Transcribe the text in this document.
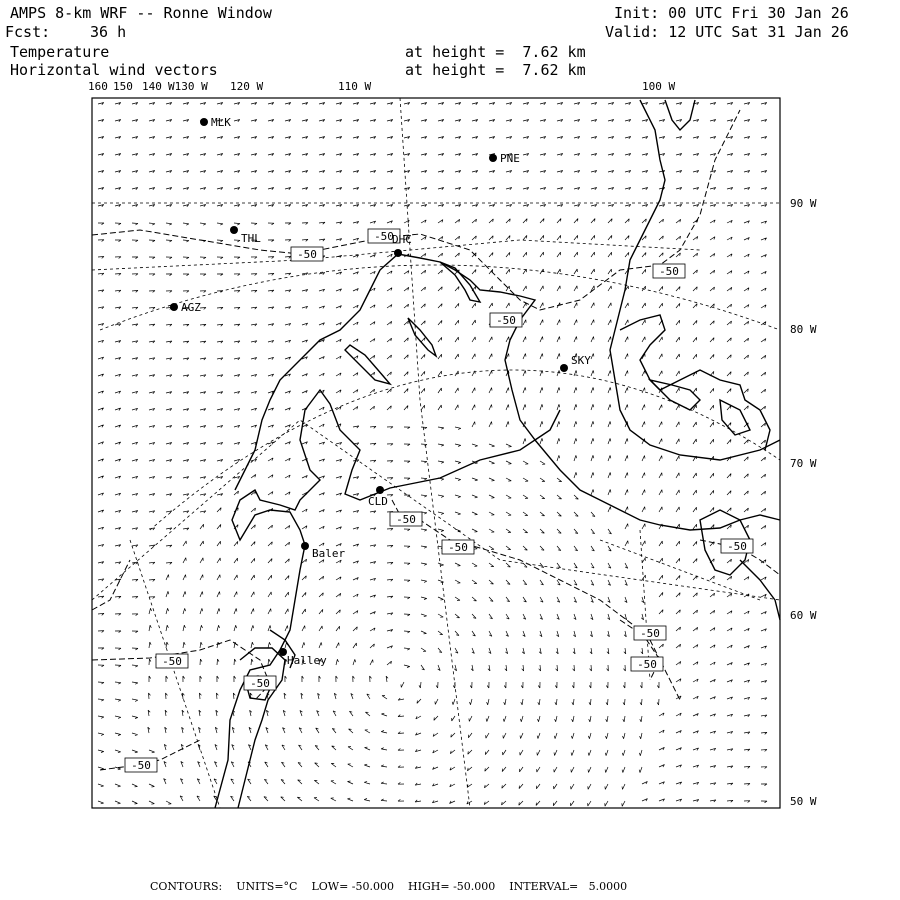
AMPS 8-km WRF -- Ronne Window
Fcst:	36 h
Init: 00 UTC Fri 30 Jan 26
Valid: 12 UTC Sat 31 Jan 26
Temperature
Horizontal wind vectors
at height =  7.62 km
at height =  7.62 km
-50
-50
-50
-50
-50
-50	-50
-50
-50
-50
-50
-50
MLK
PNE
THL	DHC
AGZ
SKY
CLD
Baler
Halley
160 150 140 W130 W 120 W	110 W	100 W
90 W
80 W
70 W
60 W
50 W
CONTOURS: UNITS=°C LOW= -50.000 HIGH= -50.000 INTERVAL=   5.0000
